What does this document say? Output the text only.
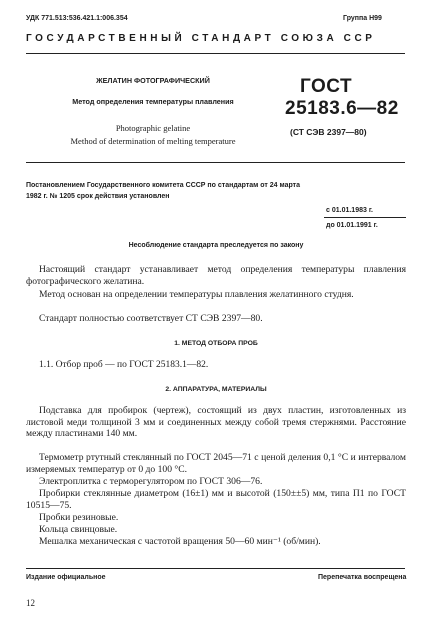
УДК 771.513:536.421.1:006.354	Группа Н99
ГОСУДАРСТВЕННЫЙ СТАНДАРТ СОЮЗА ССР
ЖЕЛАТИН ФОТОГРАФИЧЕСКИЙ
Метод определения температуры плавления
Photographic gelatine
Method of determination of melting temperature
ГОСТ
25183.6—82
(СТ СЭВ 2397—80)
Постановлением Государственного комитета СССР по стандартам от 24 марта
1982 г. № 1205 срок действия установлен
с 01.01.1983 г.
до 01.01.1991 г.
Несоблюдение стандарта преследуется по закону
Настоящий стандарт устанавливает метод определения температуры плавления фотографического желатина.
Метод основан на определении температуры плавления желатинного студня.
Стандарт полностью соответствует СТ СЭВ 2397—80.
1. МЕТОД ОТБОРА ПРОБ
1.1. Отбор проб — по ГОСТ 25183.1—82.
2. АППАРАТУРА, МАТЕРИАЛЫ
Подставка для пробирок (чертеж), состоящий из двух пластин, изготовленных из листовой меди толщиной 3 мм и соединенных между собой тремя стержнями. Расстояние между пластинами 140 мм.
Термометр ртутный стеклянный по ГОСТ 2045—71 с ценой деления 0,1 °С и интервалом измеряемых температур от 0 до 100 °С.
Электроплитка с терморегулятором по ГОСТ 306—76.
Пробирки стеклянные диаметром (16±1) мм и высотой (150±±5) мм, типа П1 по ГОСТ 10515—75.
Пробки резиновые.
Кольца свинцовые.
Мешалка механическая с частотой вращения 50—60 мин⁻¹ (об/мин).
Издание официальное	Перепечатка воспрещена
12
